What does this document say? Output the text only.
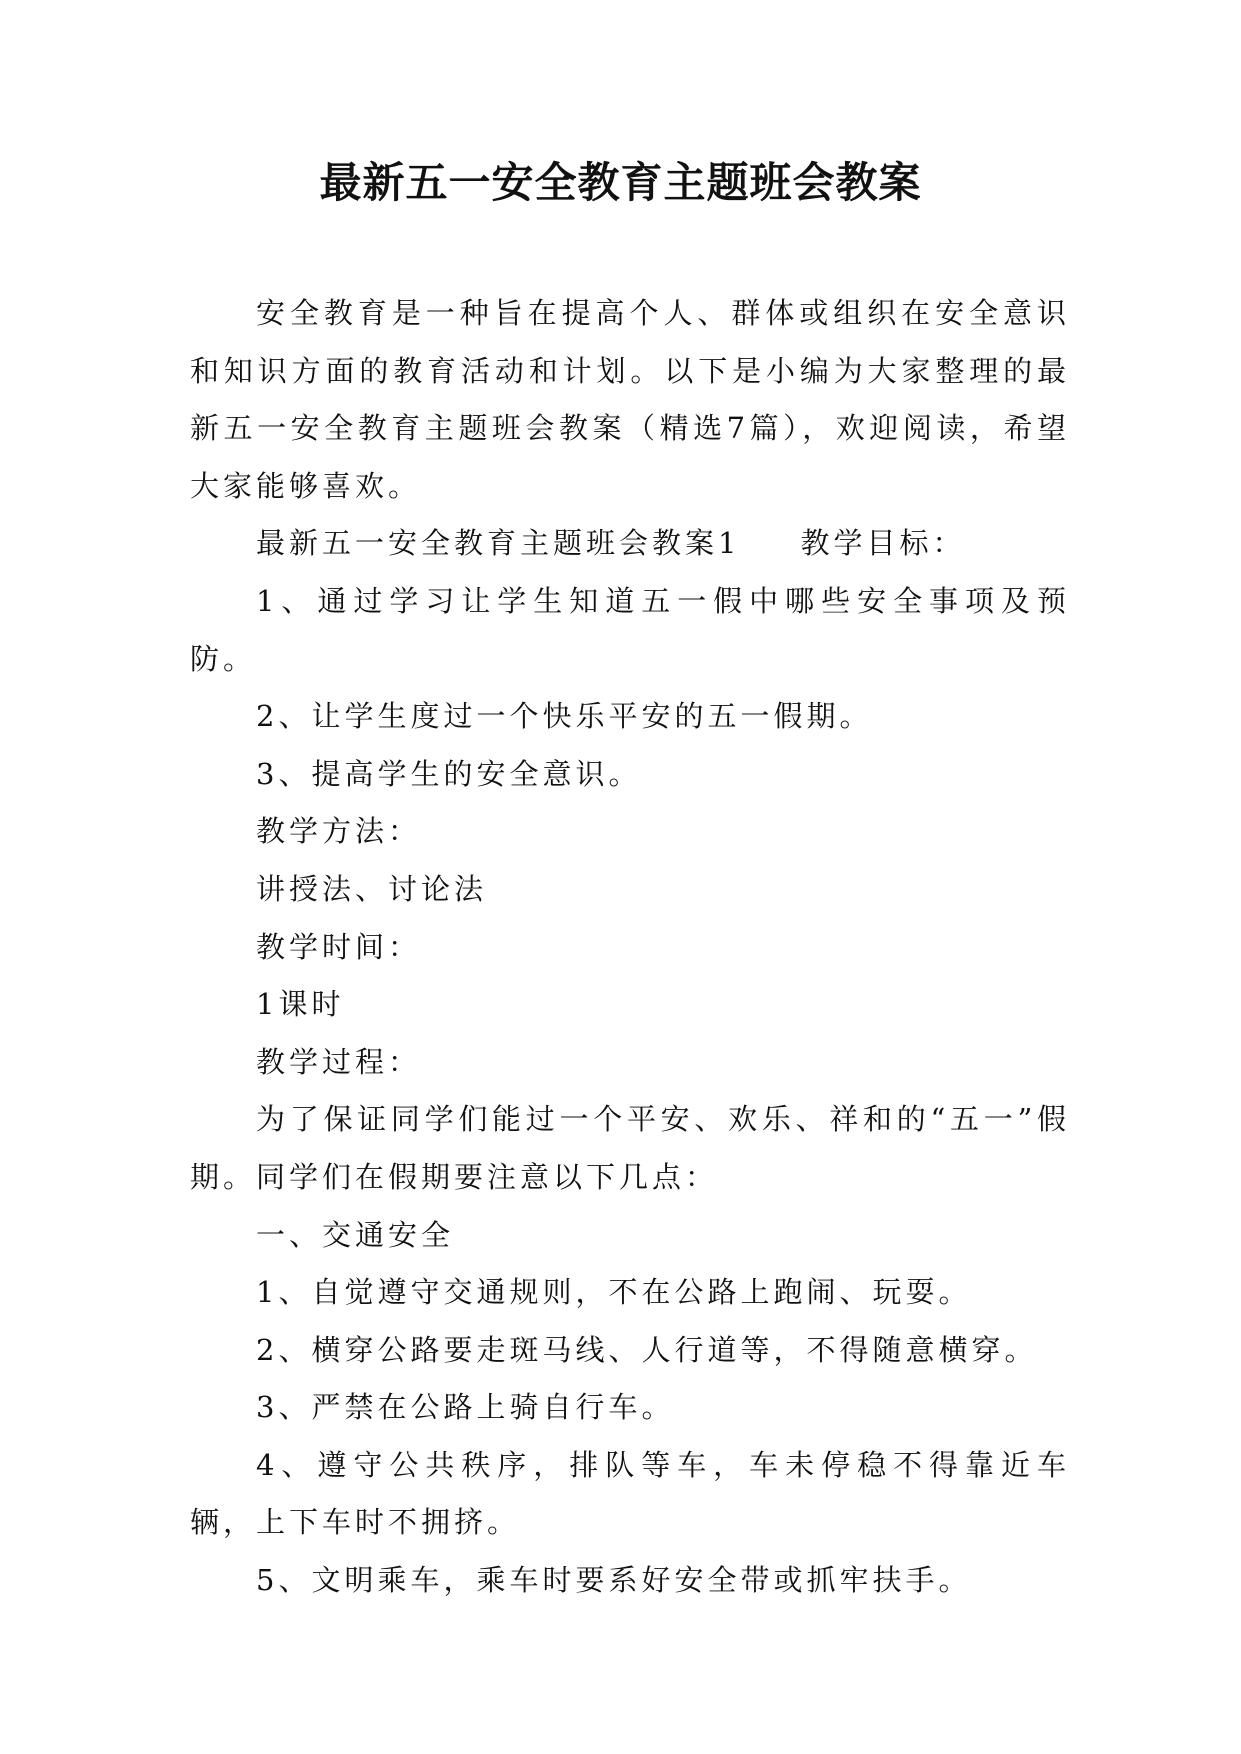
最新五一安全教育主题班会教案

安全教育是一种旨在提高个人、群体或组织在安全意识和知识方面的教育活动和计划。以下是小编为大家整理的最新五一安全教育主题班会教案（精选7篇），欢迎阅读，希望大家能够喜欢。

最新五一安全教育主题班会教案1 教学目标：

1、通过学习让学生知道五一假中哪些安全事项及预防。

2、让学生度过一个快乐平安的五一假期。

3、提高学生的安全意识。

教学方法：

讲授法、讨论法

教学时间：

1课时

教学过程：

为了保证同学们能过一个平安、欢乐、祥和的“五一”假期。同学们在假期要注意以下几点：

一、交通安全

1、自觉遵守交通规则，不在公路上跑闹、玩耍。

2、横穿公路要走斑马线、人行道等，不得随意横穿。

3、严禁在公路上骑自行车。

4、遵守公共秩序，排队等车，车未停稳不得靠近车辆，上下车时不拥挤。

5、文明乘车，乘车时要系好安全带或抓牢扶手。
